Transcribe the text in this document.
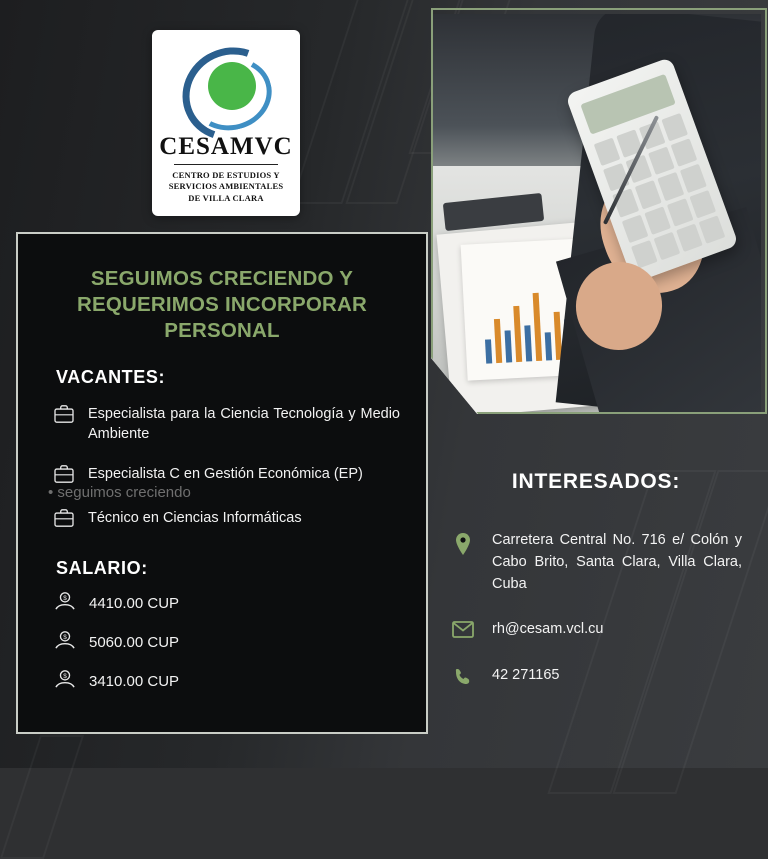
CESAMVC
CENTRO DE ESTUDIOS Y
SERVICIOS AMBIENTALES
DE VILLA CLARA
SEGUIMOS CRECIENDO Y REQUERIMOS INCORPORAR PERSONAL
VACANTES:
Especialista para la Ciencia Tecnología y Medio Ambiente
Especialista C en Gestión Económica (EP)
Técnico en Ciencias Informáticas
SALARIO:
$ 4410.00 CUP
$ 5060.00 CUP
$ 3410.00 CUP
• seguimos creciendo	INTERESADOS:
Carretera Central No. 716 e/ Colón y Cabo Brito, Santa Clara, Villa Clara, Cuba
rh@cesam.vcl.cu
42 271165
